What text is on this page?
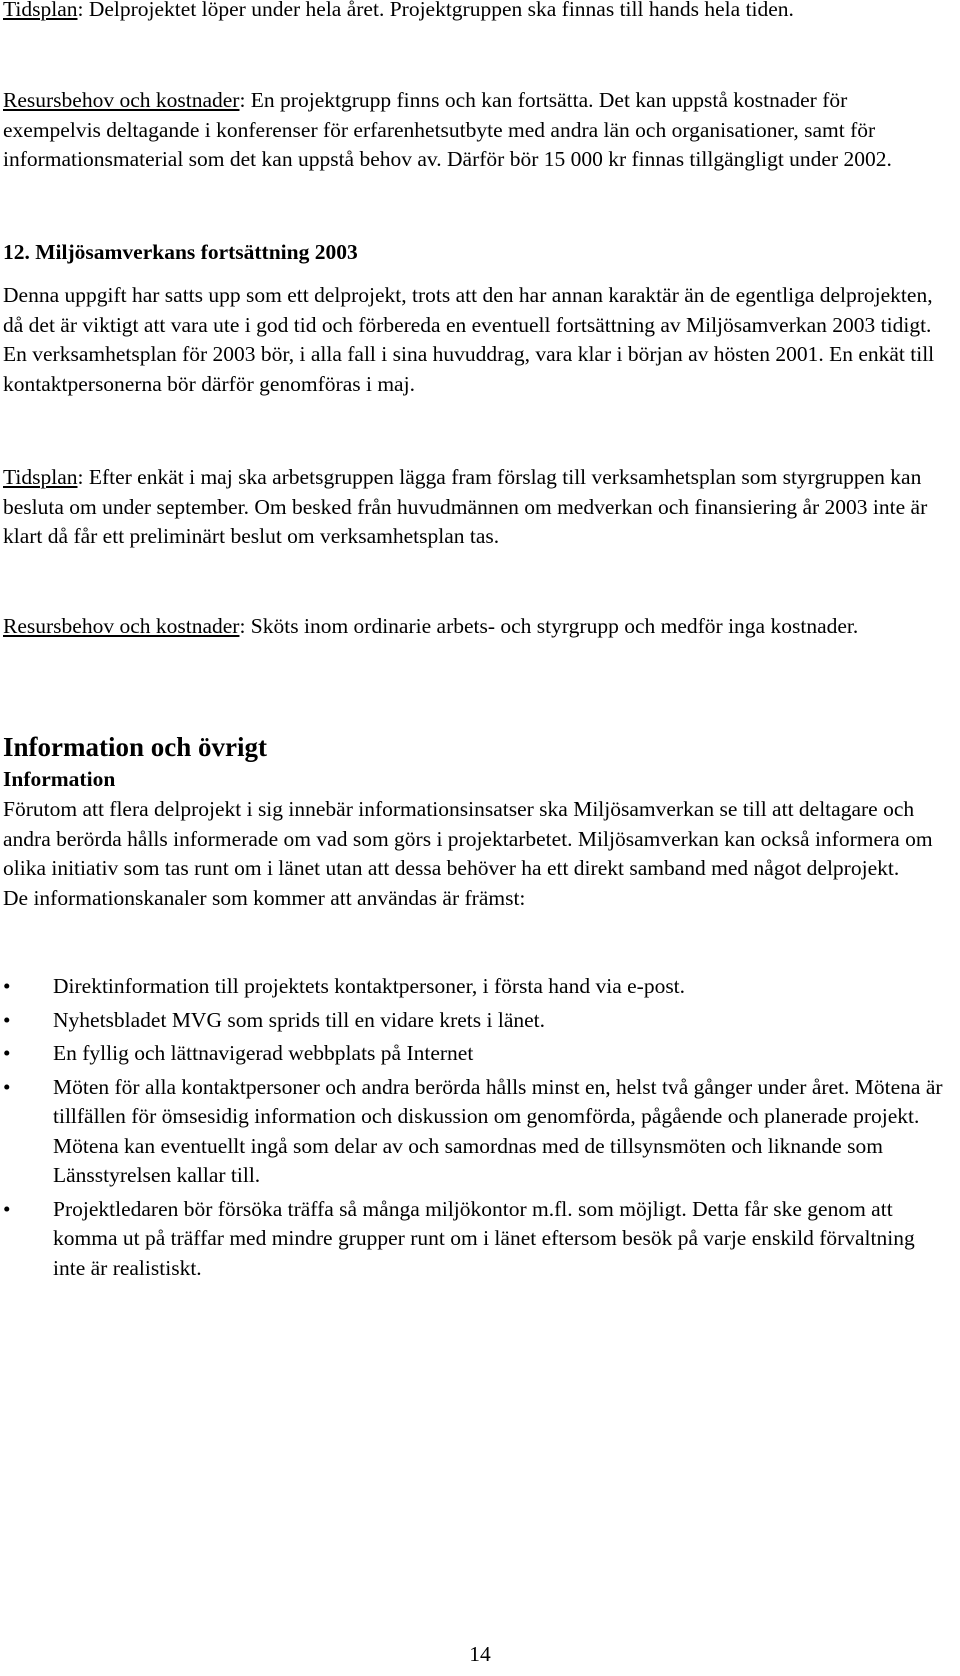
Tidsplan: Delprojektet löper under hela året. Projektgruppen ska finnas till hands hela tiden.

Resursbehov och kostnader: En projektgrupp finns och kan fortsätta. Det kan uppstå kostnader för exempelvis deltagande i konferenser för erfarenhetsutbyte med andra län och organisationer, samt för informationsmaterial som det kan uppstå behov av. Därför bör 15 000 kr finnas tillgängligt under 2002.

12. Miljösamverkans fortsättning 2003

Denna uppgift har satts upp som ett delprojekt, trots att den har annan karaktär än de egentliga delprojekten, då det är viktigt att vara ute i god tid och förbereda en eventuell fortsättning av Miljösamverkan 2003 tidigt. En verksamhetsplan för 2003 bör, i alla fall i sina huvuddrag, vara klar i början av hösten 2001. En enkät till kontaktpersonerna bör därför genomföras i maj.

Tidsplan: Efter enkät i maj ska arbetsgruppen lägga fram förslag till verksamhetsplan som styrgruppen kan besluta om under september. Om besked från huvudmännen om medverkan och finansiering år 2003 inte är klart då får ett preliminärt beslut om verksamhetsplan tas.

Resursbehov och kostnader: Sköts inom ordinarie arbets- och styrgrupp och medför inga kostnader.

Information och övrigt
Information

Förutom att flera delprojekt i sig innebär informationsinsatser ska Miljösamverkan se till att deltagare och andra berörda hålls informerade om vad som görs i projektarbetet. Miljösamverkan kan också informera om olika initiativ som tas runt om i länet utan att dessa behöver ha ett direkt samband med något delprojekt.

De informationskanaler som kommer att användas är främst:

• Direktinformation till projektets kontaktpersoner, i första hand via e-post.
• Nyhetsbladet MVG som sprids till en vidare krets i länet.
• En fyllig och lättnavigerad webbplats på Internet
• Möten för alla kontaktpersoner och andra berörda hålls minst en, helst två gånger under året. Mötena är tillfällen för ömsesidig information och diskussion om genomförda, pågående och planerade projekt. Mötena kan eventuellt ingå som delar av och samordnas med de tillsynsmöten och liknande som Länsstyrelsen kallar till.
• Projektledaren bör försöka träffa så många miljökontor m.fl. som möjligt. Detta får ske genom att komma ut på träffar med mindre grupper runt om i länet eftersom besök på varje enskild förvaltning inte är realistiskt.
14
